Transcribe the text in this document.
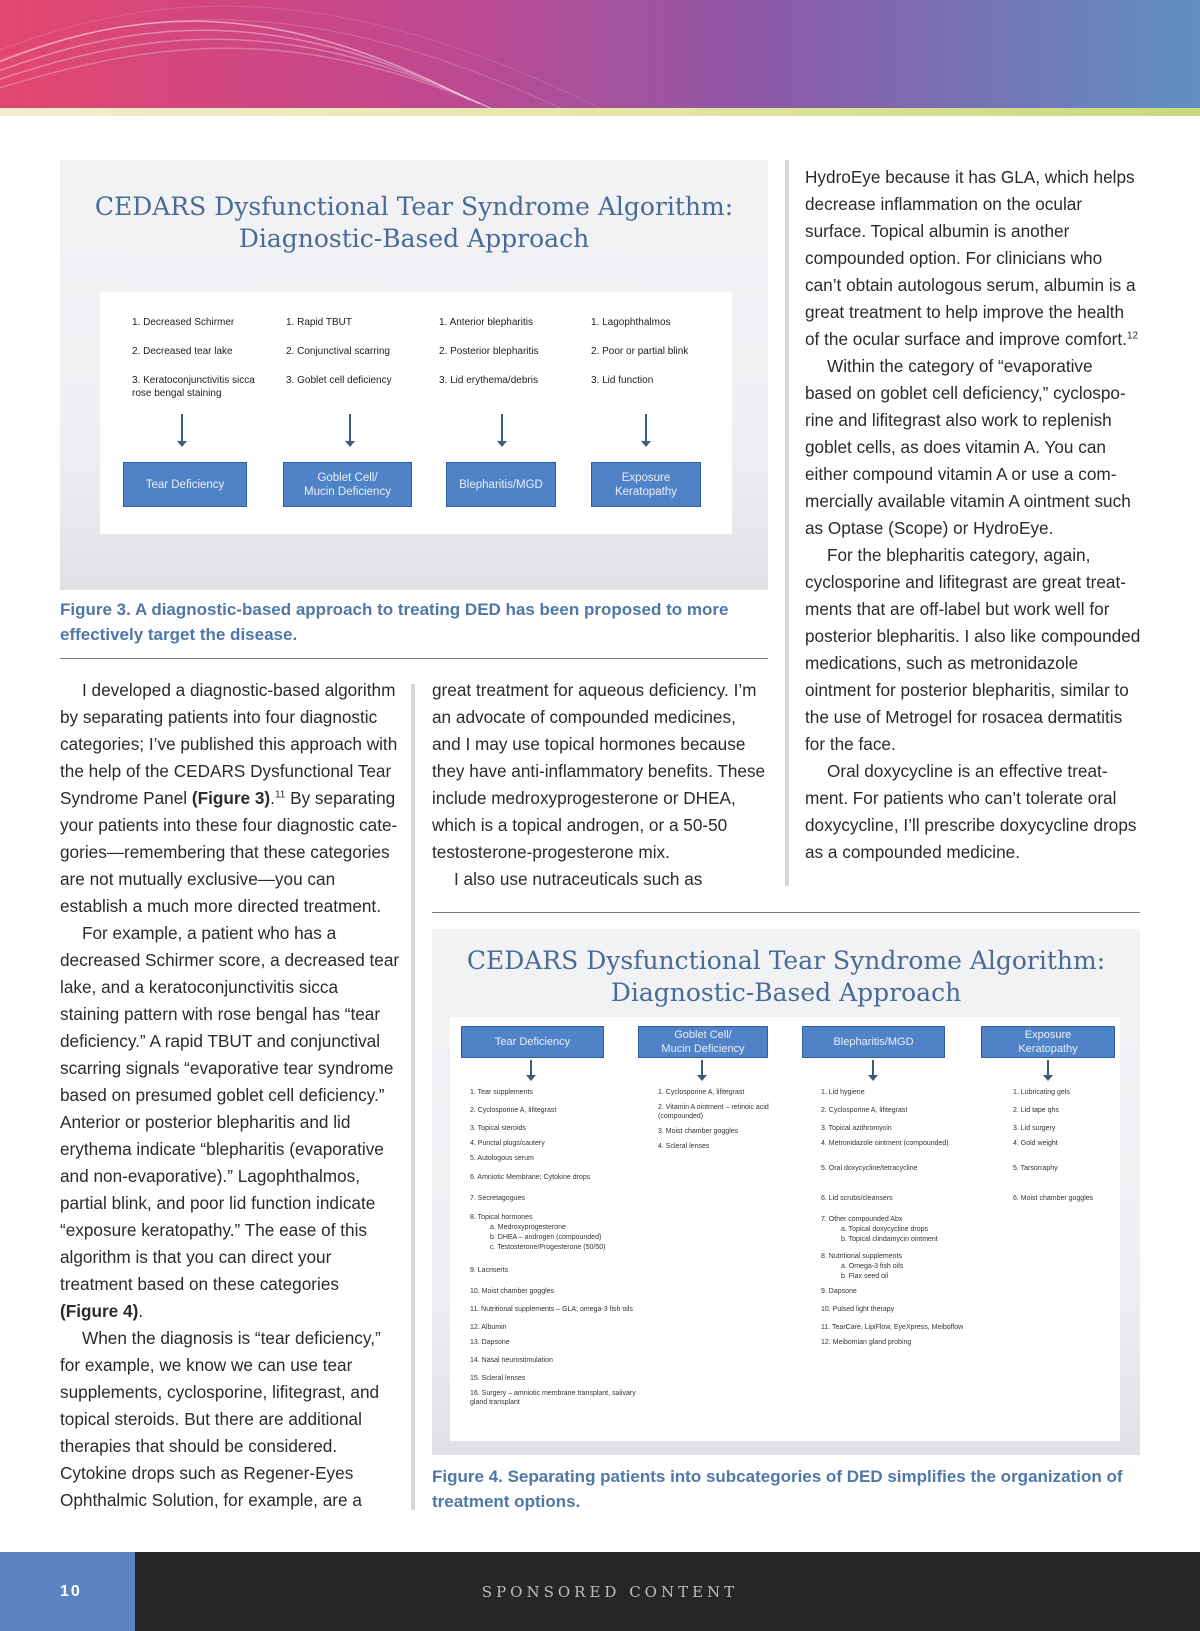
CEDARS Dysfunctional Tear Syndrome Algorithm:
Diagnostic-Based Approach
1. Decreased Schirmer
2. Decreased tear lake
3. Keratoconjunctivitis sicca rose bengal staining
Tear Deficiency
1. Rapid TBUT
2. Conjunctival scarring
3. Goblet cell deficiency
Goblet Cell/
Mucin Deficiency
1. Anterior blepharitis
2. Posterior blepharitis
3. Lid erythema/debris
Blepharitis/MGD
1. Lagophthalmos
2. Poor or partial blink
3. Lid function
Exposure
Keratopathy
Figure 3. A diagnostic-based approach to treating DED has been proposed to more effectively target the disease.

I developed a diagnostic-based algorithm by separating patients into four diagnostic categories; I’ve published this approach with the help of the CEDARS Dysfunctional Tear Syndrome Panel (Figure 3).$^{11}$ By separating your patients into these four diagnostic categories—remembering that these categories are not mutually exclusive—you can establish a much more directed treatment.

For example, a patient who has a decreased Schirmer score, a decreased tear lake, and a keratoconjunctivitis sicca staining pattern with rose bengal has “tear deficiency.” A rapid TBUT and conjunctival scarring signals “evaporative tear syndrome based on presumed goblet cell deficiency.” Anterior or posterior blepharitis and lid erythema indicate “blepharitis (evaporative and non-evaporative).” Lagophthalmos, partial blink, and poor lid function indicate “exposure keratopathy.” The ease of this algorithm is that you can direct your treatment based on these categories (Figure 4).

When the diagnosis is “tear deficiency,” for example, we know we can use tear supplements, cyclosporine, lifitegrast, and topical steroids. But there are additional therapies that should be considered. Cytokine drops such as Regener-Eyes Ophthalmic Solution, for example, are a

great treatment for aqueous deficiency. I’m an advocate of compounded medicines, and I may use topical hormones because they have anti-inflammatory benefits. These include medroxyprogesterone or DHEA, which is a topical androgen, or a 50-50 testosterone-progesterone mix.

I also use nutraceuticals such as

HydroEye because it has GLA, which helps decrease inflammation on the ocular surface. Topical albumin is another compounded option. For clinicians who can’t obtain autologous serum, albumin is a great treatment to help improve the health of the ocular surface and improve comfort.$^{12}$

Within the category of “evaporative based on goblet cell deficiency,” cyclosporine and lifitegrast also work to replenish goblet cells, as does vitamin A. You can either compound vitamin A or use a commercially available vitamin A ointment such as Optase (Scope) or HydroEye.

For the blepharitis category, again, cyclosporine and lifitegrast are great treatments that are off-label but work well for posterior blepharitis. I also like compounded medications, such as metronidazole ointment for posterior blepharitis, similar to the use of Metrogel for rosacea dermatitis for the face.

Oral doxycycline is an effective treatment. For patients who can’t tolerate oral doxycycline, I’ll prescribe doxycycline drops as a compounded medicine.

CEDARS Dysfunctional Tear Syndrome Algorithm:
Diagnostic-Based Approach
Tear Deficiency
Goblet Cell/
Mucin Deficiency
Blepharitis/MGD
Exposure
Keratopathy
1. Tear supplements
2. Cyclosporine A, lifitegrast
3. Topical steroids
4. Punctal plugs/cautery
5. Autologous serum
6. Amniotic Membrane; Cytokine drops
7. Secretagogues
8. Topical hormones
a. Medroxyprogesterone
b. DHEA – androgen (compounded)
c. Testosterone/Progesterone (50/50)
9. Lacriserts
10. Moist chamber goggles
11. Nutritional supplements – GLA; omega-3 fish oils
12. Albumin
13. Dapsone
14. Nasal neurostimulation
15. Scleral lenses
16. Surgery – amniotic membrane transplant, salivary gland transplant
1. Cyclosporine A, lifitegrast
2. Vitamin A ointment – retinoic acid (compounded)
3. Moist chamber goggles
4. Scleral lenses
1. Lid hygiene
2. Cyclosporine A, lifitegrast
3. Topical azithromycin
4. Metronidazole ointment (compounded)
5. Oral doxycycline/tetracycline
6. Lid scrubs/cleansers
7. Other compounded Abx
a. Topical doxycycline drops
b. Topical clindamycin ointment
8. Nutritional supplements
a. Omega-3 fish oils
b. Flax seed oil
9. Dapsone
10. Pulsed light therapy
11. TearCare, LipiFlow, EyeXpress, Meiboflow
12. Meibomian gland probing
1. Lubricating gels
2. Lid tape qhs
3. Lid surgery
4. Gold weight
5. Tarsorraphy
6. Moist chamber goggles
Figure 4. Separating patients into subcategories of DED simplifies the organization of treatment options.
10	SPONSORED CONTENT
